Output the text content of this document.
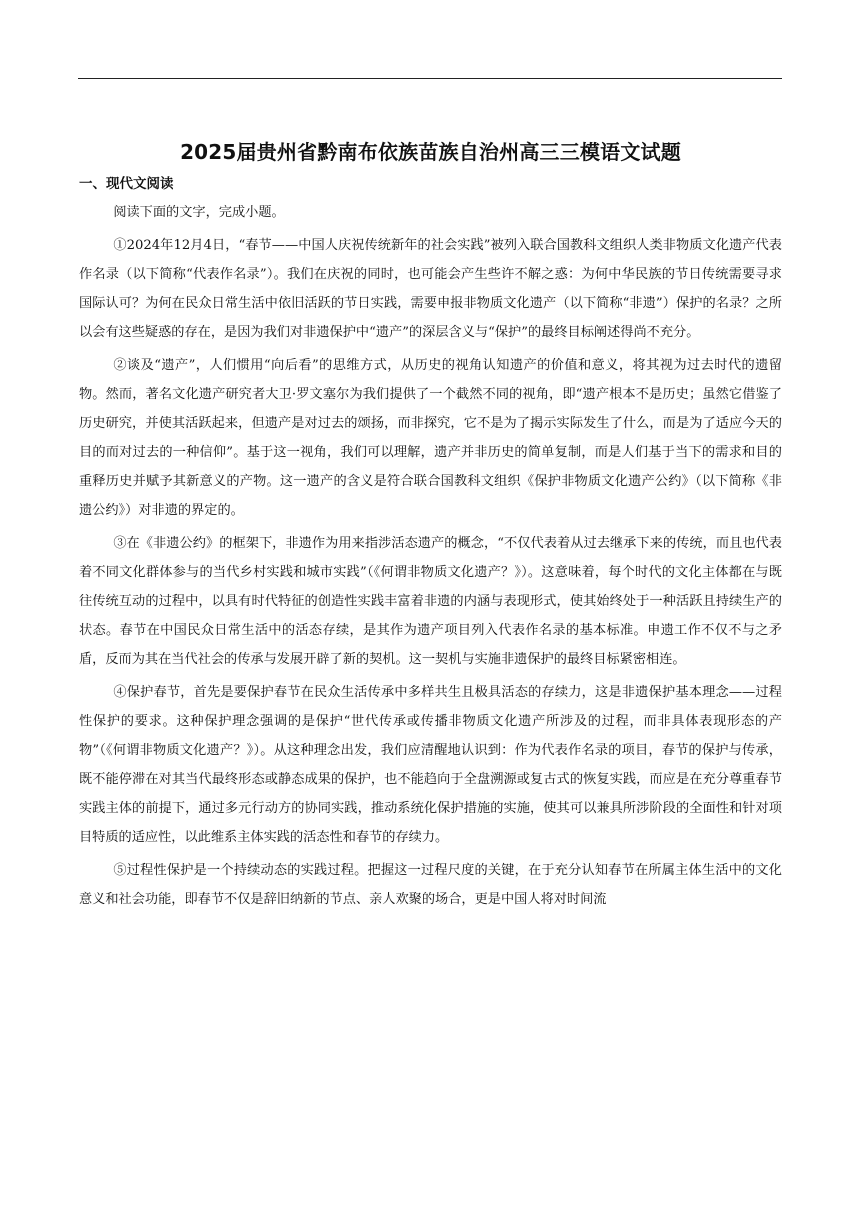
2025届贵州省黔南布依族苗族自治州高三三模语文试题
一、现代文阅读

阅读下面的文字，完成小题。

①2024年12月4日，“春节——中国人庆祝传统新年的社会实践”被列入联合国教科文组织人类非物质文化遗产代表作名录（以下简称“代表作名录”）。我们在庆祝的同时，也可能会产生些许不解之惑：为何中华民族的节日传统需要寻求国际认可？为何在民众日常生活中依旧活跃的节日实践，需要申报非物质文化遗产（以下简称“非遗”）保护的名录？之所以会有这些疑惑的存在，是因为我们对非遗保护中“遗产”的深层含义与“保护”的最终目标阐述得尚不充分。

②谈及“遗产”，人们惯用“向后看”的思维方式，从历史的视角认知遗产的价值和意义，将其视为过去时代的遗留物。然而，著名文化遗产研究者大卫·罗文塞尔为我们提供了一个截然不同的视角，即“遗产根本不是历史；虽然它借鉴了历史研究，并使其活跃起来，但遗产是对过去的颂扬，而非探究，它不是为了揭示实际发生了什么，而是为了适应今天的目的而对过去的一种信仰”。基于这一视角，我们可以理解，遗产并非历史的简单复制，而是人们基于当下的需求和目的重释历史并赋予其新意义的产物。这一遗产的含义是符合联合国教科文组织《保护非物质文化遗产公约》（以下简称《非遗公约》）对非遗的界定的。

③在《非遗公约》的框架下，非遗作为用来指涉活态遗产的概念，“不仅代表着从过去继承下来的传统，而且也代表着不同文化群体参与的当代乡村实践和城市实践”（《何谓非物质文化遗产？》）。这意味着，每个时代的文化主体都在与既往传统互动的过程中，以具有时代特征的创造性实践丰富着非遗的内涵与表现形式，使其始终处于一种活跃且持续生产的状态。春节在中国民众日常生活中的活态存续，是其作为遗产项目列入代表作名录的基本标准。申遗工作不仅不与之矛盾，反而为其在当代社会的传承与发展开辟了新的契机。这一契机与实施非遗保护的最终目标紧密相连。

④保护春节，首先是要保护春节在民众生活传承中多样共生且极具活态的存续力，这是非遗保护基本理念——过程性保护的要求。这种保护理念强调的是保护“世代传承或传播非物质文化遗产所涉及的过程，而非具体表现形态的产物”（《何谓非物质文化遗产？》）。从这种理念出发，我们应清醒地认识到：作为代表作名录的项目，春节的保护与传承，既不能停滞在对其当代最终形态或静态成果的保护，也不能趋向于全盘溯源或复古式的恢复实践，而应是在充分尊重春节实践主体的前提下，通过多元行动方的协同实践，推动系统化保护措施的实施，使其可以兼具所涉阶段的全面性和针对项目特质的适应性，以此维系主体实践的活态性和春节的存续力。

⑤过程性保护是一个持续动态的实践过程。把握这一过程尺度的关键，在于充分认知春节在所属主体生活中的文化意义和社会功能，即春节不仅是辞旧纳新的节点、亲人欢聚的场合，更是中国人将对时间流
